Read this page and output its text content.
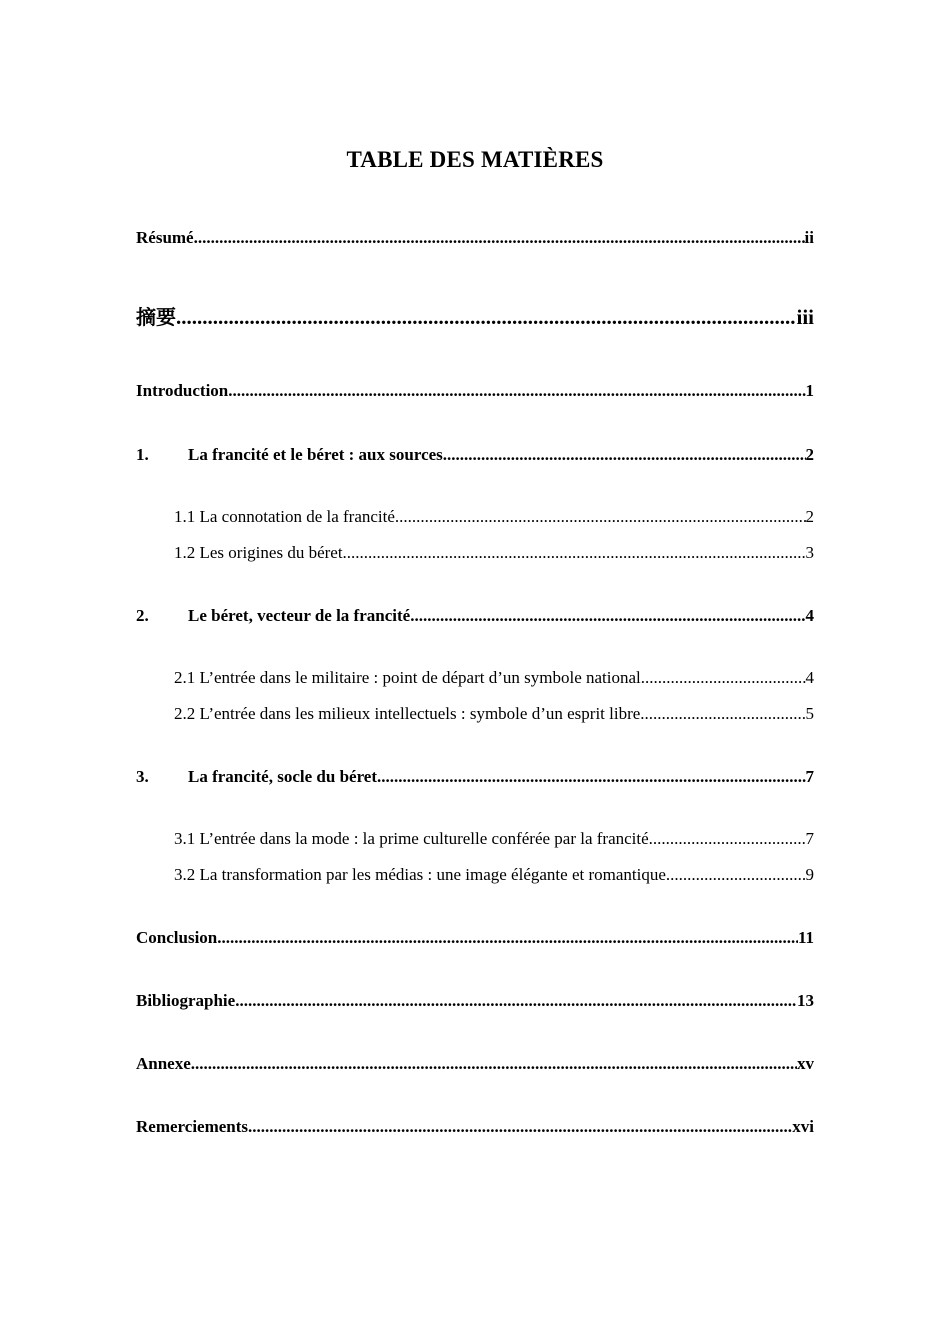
TABLE DES MATIÈRES
Résumé .....	ii
摘要 .....	iii
Introduction .....	1
1.	La francité et le béret : aux sources .....	2
1.1 La connotation de la francité .....	2
1.2 Les origines du béret .....	3
2.	Le béret, vecteur de la francité .....	4
2.1 L’entrée dans le militaire : point de départ d’un symbole national .....	4
2.2 L’entrée dans les milieux intellectuels : symbole d’un esprit libre .....	5
3.	La francité, socle du béret .....	7
3.1 L’entrée dans la mode : la prime culturelle conférée par la francité .....	7
3.2 La transformation par les médias : une image élégante et romantique .....	9
Conclusion .....	11
Bibliographie .....	13
Annexe .....	xv
Remerciements .....	xvi
